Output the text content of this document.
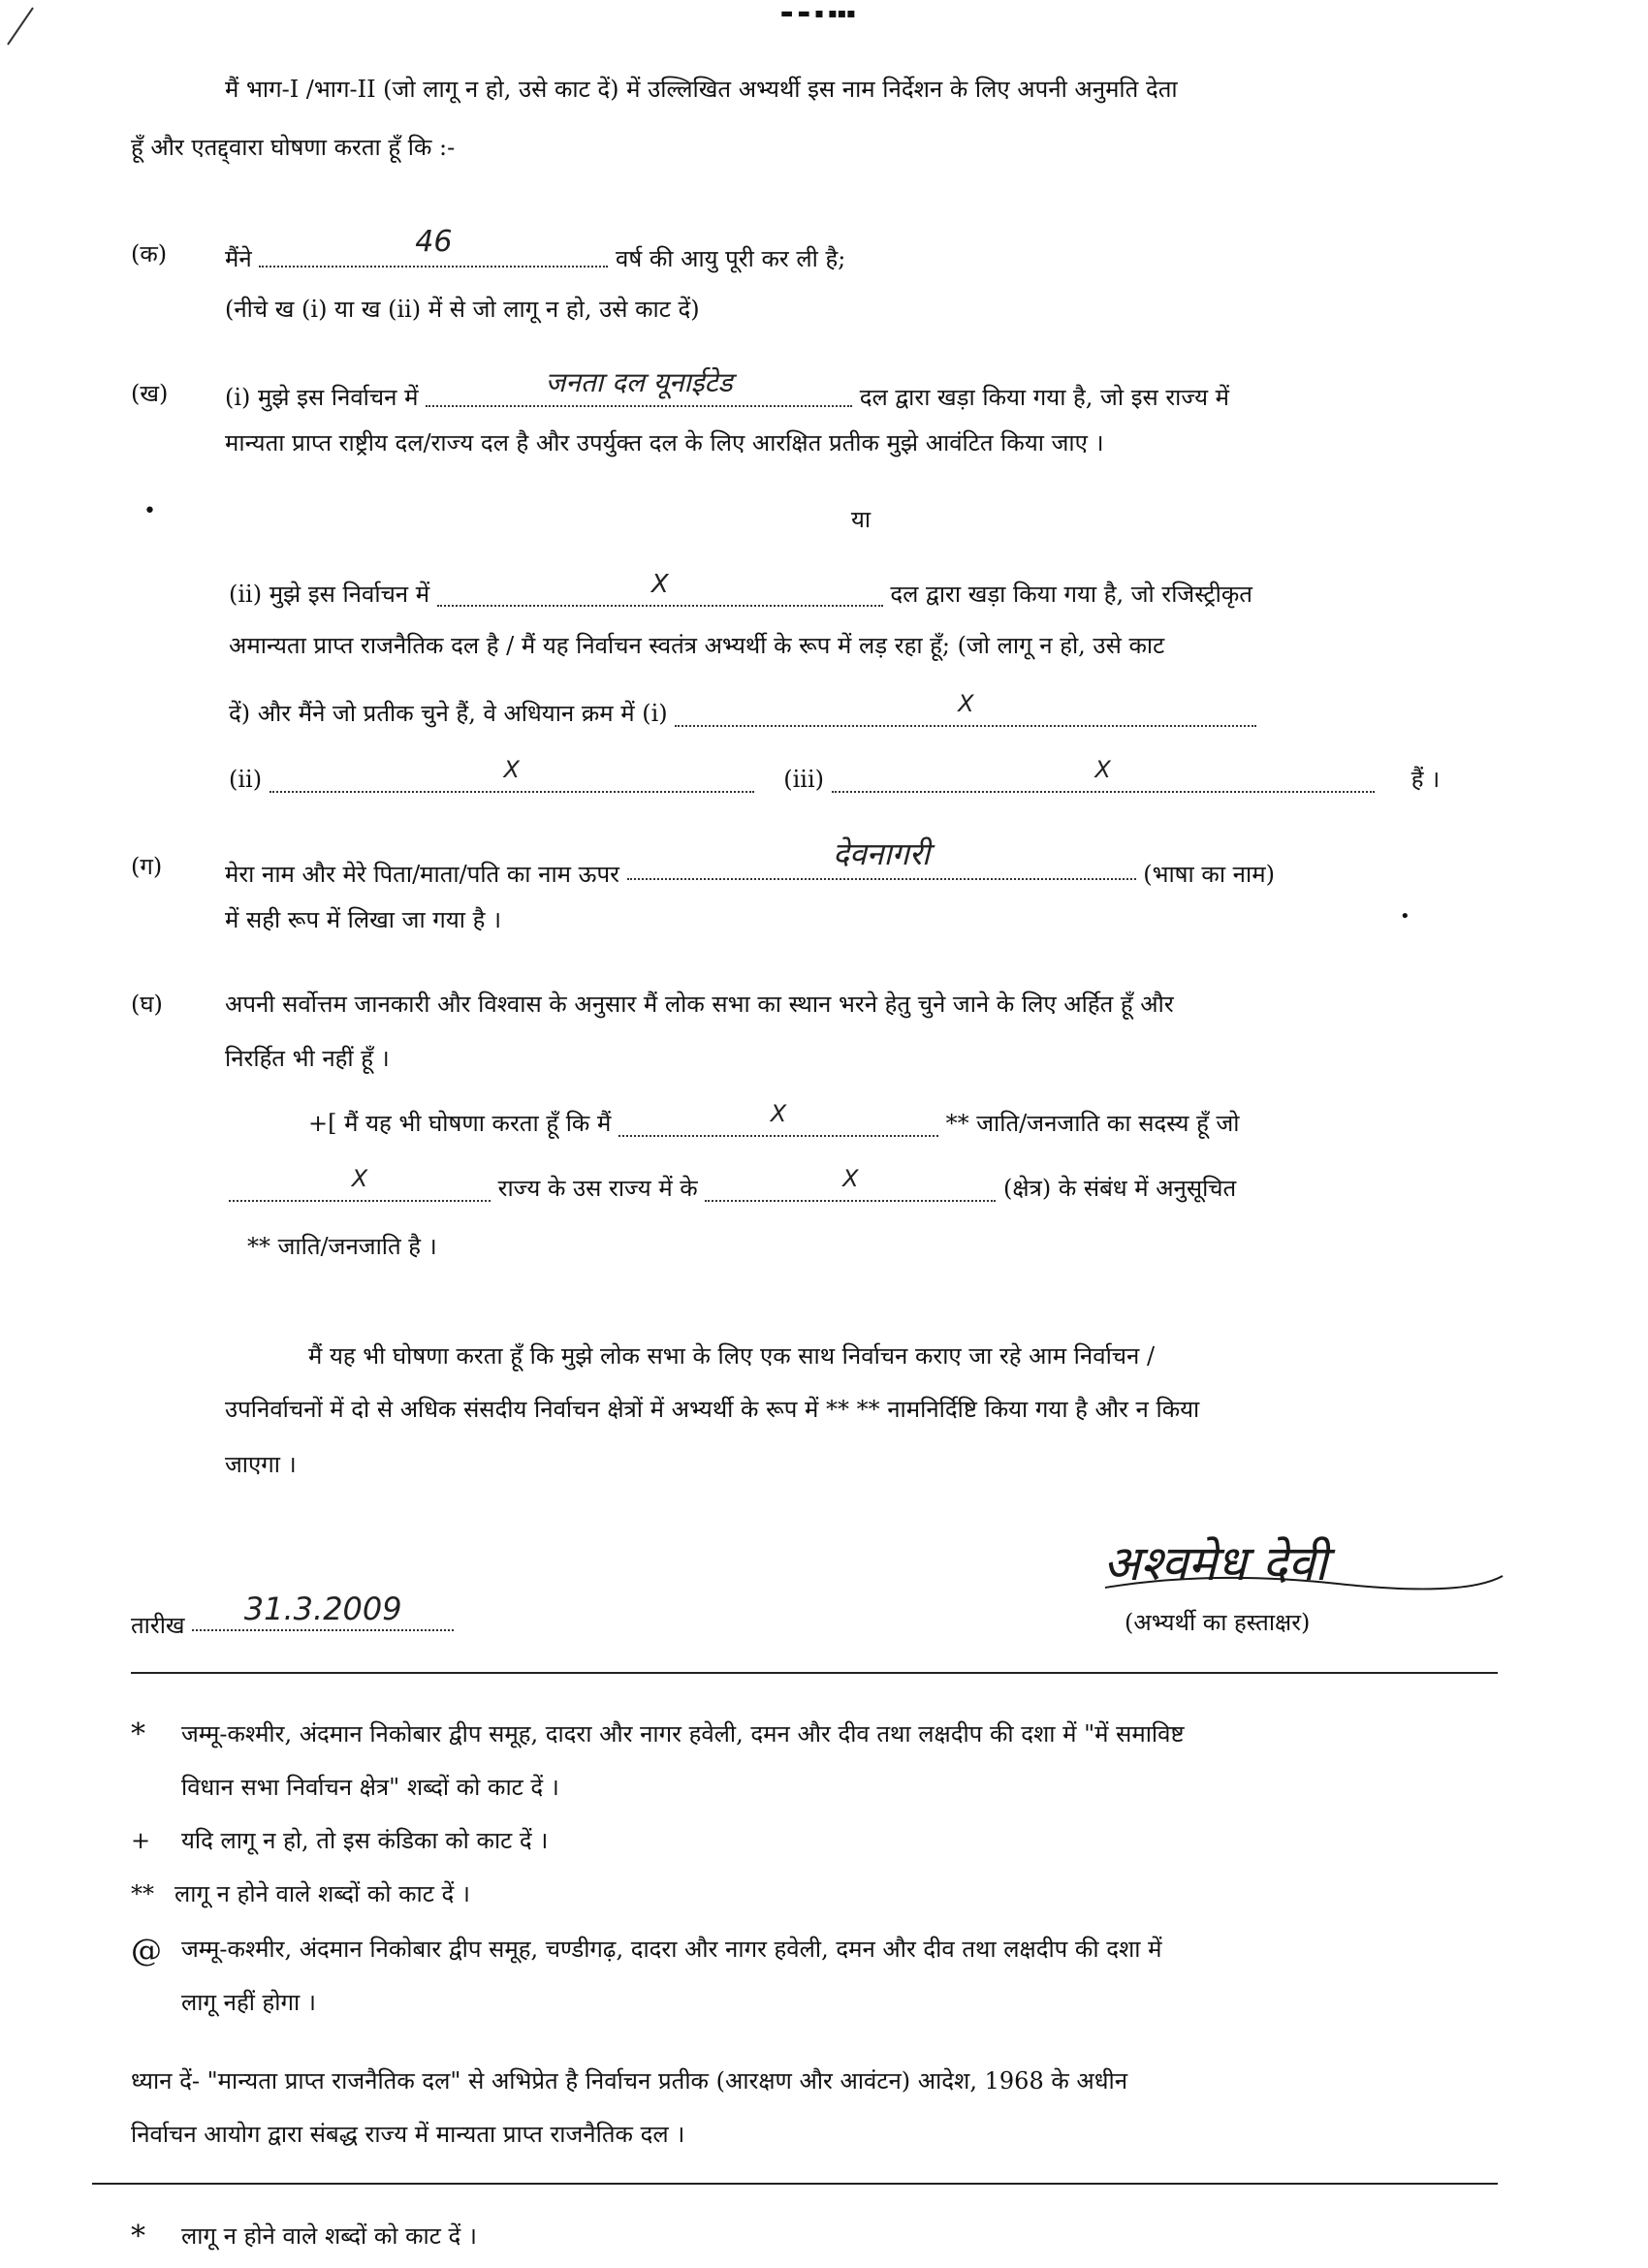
▬ ▬ ▪ ▪▪▪
मैं भाग-I /भाग-II (जो लागू न हो, उसे काट दें) में उल्लिखित अभ्यर्थी इस नाम निर्देशन के लिए अपनी अनुमति देता
हूँ और एतद्द्वारा घोषणा करता हूँ कि :-
(क) मैंने	46	वर्ष की आयु पूरी कर ली है;
(नीचे ख (i) या ख (ii) में से जो लागू न हो, उसे काट दें)
(ख) (i) मुझे इस निर्वाचन में	जनता दल यूनाईटेड	दल द्वारा खड़ा किया गया है, जो इस राज्य में
मान्यता प्राप्त राष्ट्रीय दल/राज्य दल है और उपर्युक्त दल के लिए आरक्षित प्रतीक मुझे आवंटित किया जाए ।
•	या
(ii) मुझे इस निर्वाचन में	X	दल द्वारा खड़ा किया गया है, जो रजिस्ट्रीकृत
अमान्यता प्राप्त राजनैतिक दल है / मैं यह निर्वाचन स्वतंत्र अभ्यर्थी के रूप में लड़ रहा हूँ; (जो लागू न हो, उसे काट
दें) और मैंने जो प्रतीक चुने हैं, वे अधियान क्रम में (i)	X
(ii)	X	(iii)	X	हैं ।
(ग)	मेरा नाम और मेरे पिता/माता/पति का नाम ऊपर देवनागरी (भाषा का नाम)
में सही रूप में लिखा जा गया है ।	•
(घ)	अपनी सर्वोत्तम जानकारी और विश्वास के अनुसार मैं लोक सभा का स्थान भरने हेतु चुने जाने के लिए अर्हित हूँ और
निरर्हित भी नहीं हूँ ।
+[ मैं यह भी घोषणा करता हूँ कि मैं	X	** जाति/जनजाति का सदस्य हूँ जो
X	राज्य के उस राज्य में के	X	(क्षेत्र) के संबंध में अनुसूचित
** जाति/जनजाति है ।
मैं यह भी घोषणा करता हूँ कि मुझे लोक सभा के लिए एक साथ निर्वाचन कराए जा रहे आम निर्वाचन /
उपनिर्वाचनों में दो से अधिक संसदीय निर्वाचन क्षेत्रों में अभ्यर्थी के रूप में ** ** नामनिर्दिष्टि किया गया है और न किया
जाएगा ।
अश्वमेध देवी
तारीख 31.3.2009	(अभ्यर्थी का हस्ताक्षर)
* जम्मू-कश्मीर, अंदमान निकोबार द्वीप समूह, दादरा और नागर हवेली, दमन और दीव तथा लक्षदीप की दशा में "में समाविष्ट
विधान सभा निर्वाचन क्षेत्र" शब्दों को काट दें ।
+ यदि लागू न हो, तो इस कंडिका को काट दें ।
** लागू न होने वाले शब्दों को काट दें ।
@ जम्मू-कश्मीर, अंदमान निकोबार द्वीप समूह, चण्डीगढ़, दादरा और नागर हवेली, दमन और दीव तथा लक्षदीप की दशा में
लागू नहीं होगा ।
ध्यान दें- "मान्यता प्राप्त राजनैतिक दल" से अभिप्रेत है निर्वाचन प्रतीक (आरक्षण और आवंटन) आदेश, 1968 के अधीन
निर्वाचन आयोग द्वारा संबद्ध राज्य में मान्यता प्राप्त राजनैतिक दल ।
* लागू न होने वाले शब्दों को काट दें ।
